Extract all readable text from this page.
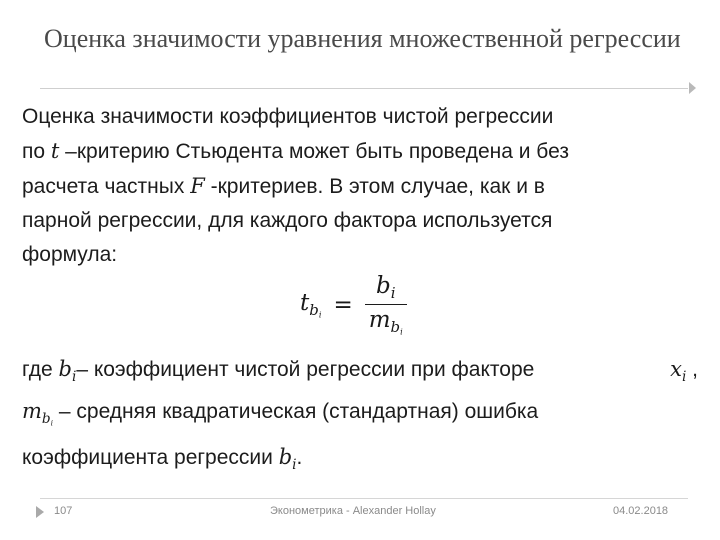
Оценка значимости уравнения множественной регрессии
Оценка значимости коэффициентов чистой регрессии
по t –критерию Стьюдента может быть проведена и без
расчета частных F -критериев. В этом случае, как и в
парной регрессии, для каждого фактора используется
формула:
$t_{bi} = \frac{b_i}{m_{bi}}$
где $b_i-$ коэффициент чистой регрессии при факторе	$x_i$ ,
$m_{bi}$ – средняя квадратическая (стандартная) ошибка
коэффициента регрессии $b_i$.
107	Эконометрика - Alexander Hollay	04.02.2018
